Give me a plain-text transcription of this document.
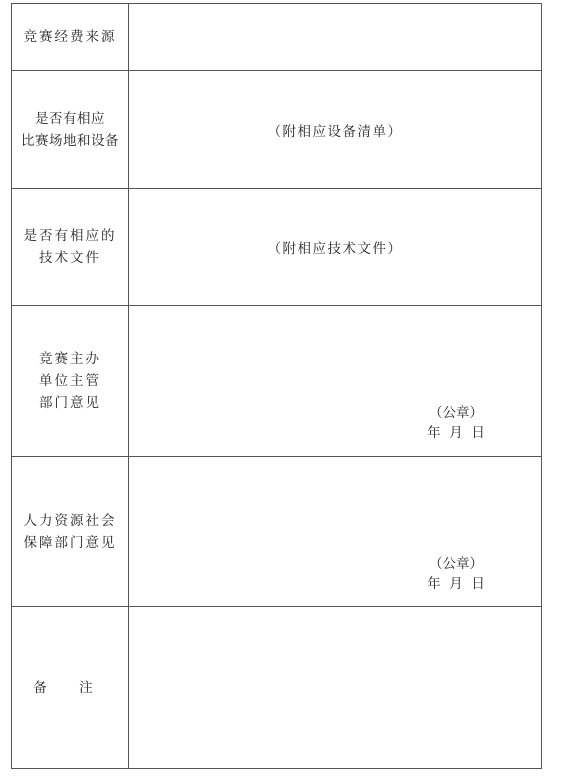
竞赛经费来源	

是否有相应
比赛场地和设备	（附相应设备清单）

是否有相应的
技术文件	（附相应技术文件）

竞赛主办
单位主管
部门意见	（公章）
年  月  日

人力资源社会
保障部门意见	（公章）
年  月  日

备 注	
